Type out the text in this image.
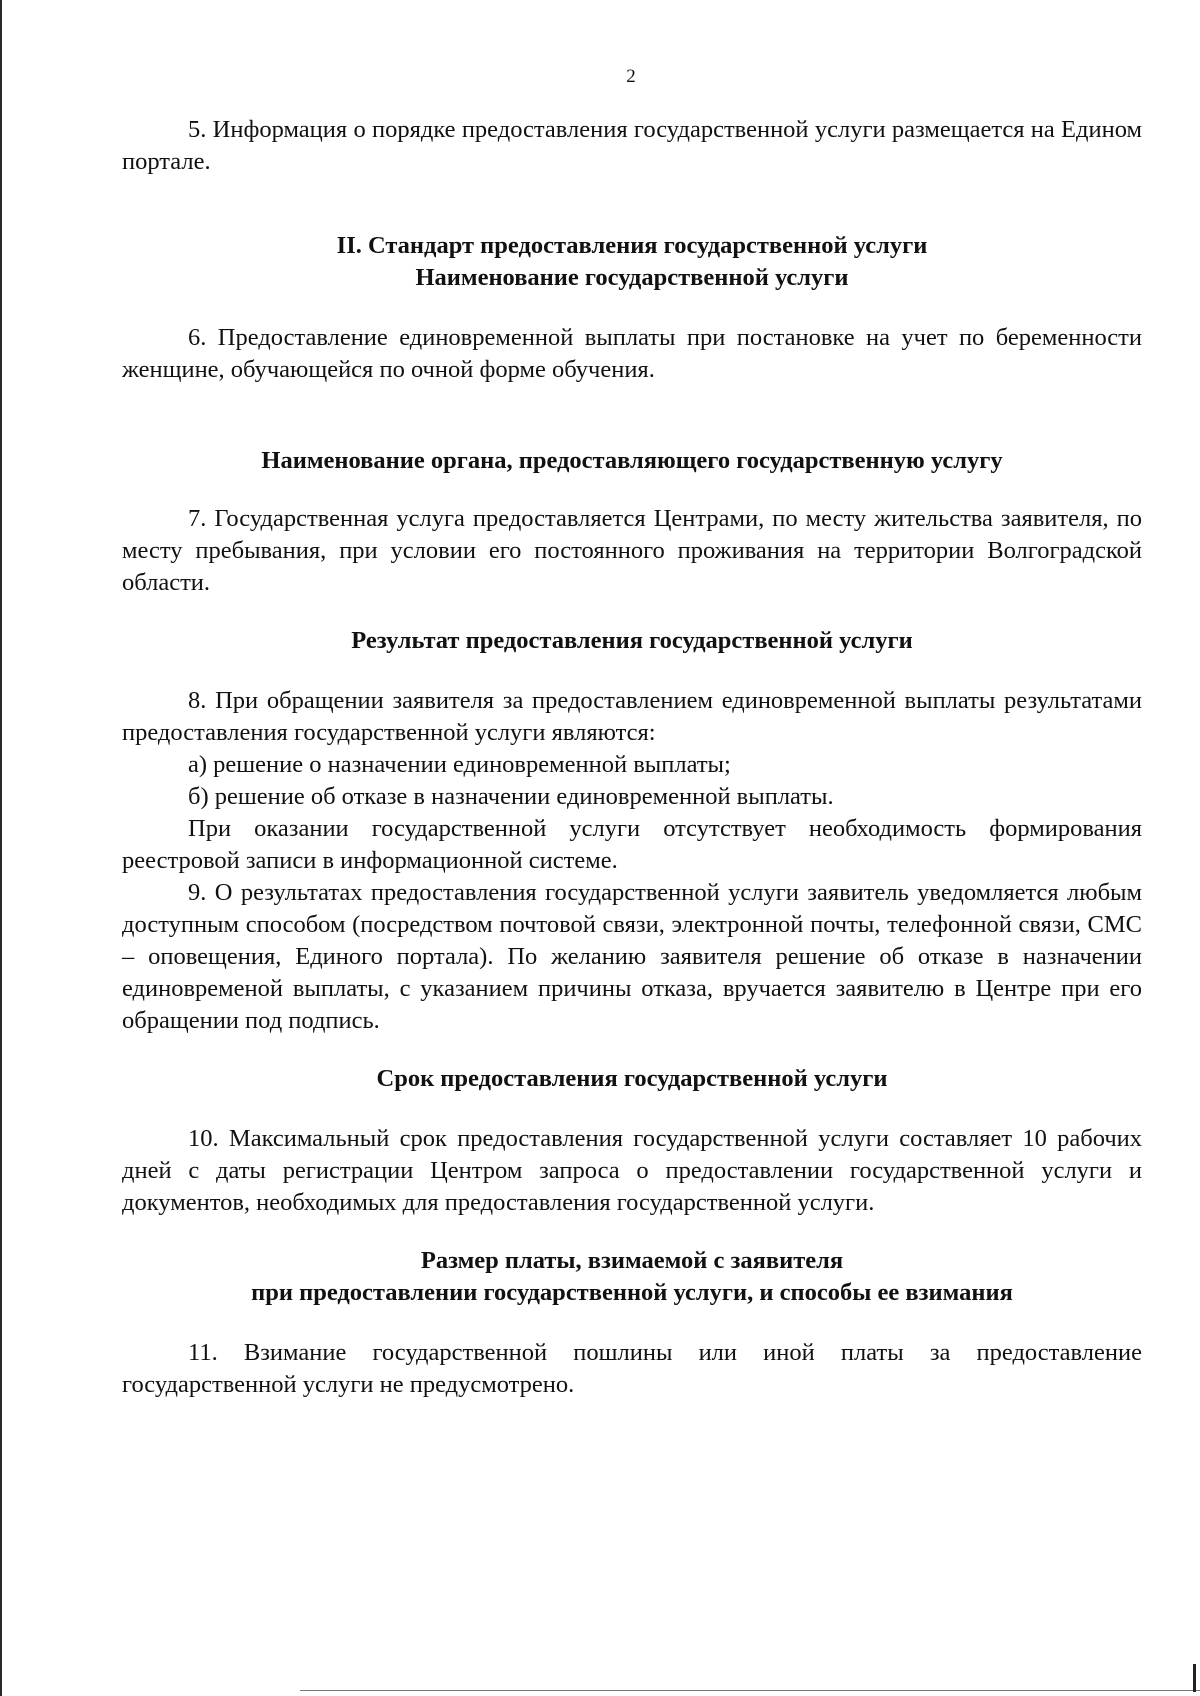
2

5. Информация о порядке предоставления государственной услуги размещается на Едином портале.

II. Стандарт предоставления государственной услуги

Наименование государственной услуги

6. Предоставление единовременной выплаты при постановке на учет по беременности женщине, обучающейся по очной форме обучения.

Наименование органа, предоставляющего государственную услугу

7. Государственная услуга предоставляется Центрами, по месту жительства заявителя, по месту пребывания, при условии его постоянного проживания на территории Волгоградской области.

Результат предоставления государственной услуги

8. При обращении заявителя за предоставлением единовременной выплаты результатами предоставления государственной услуги являются:

а) решение о назначении единовременной выплаты;

б) решение об отказе в назначении единовременной выплаты.

При оказании государственной услуги отсутствует необходимость формирования реестровой записи в информационной системе.

9. О результатах предоставления государственной услуги заявитель уведомляется любым доступным способом (посредством почтовой связи, электронной почты, телефонной связи, СМС – оповещения, Единого портала). По желанию заявителя решение об отказе в назначении единовременой выплаты, с указанием причины отказа, вручается заявителю в Центре при его обращении под подпись.

Срок предоставления государственной услуги

10. Максимальный срок предоставления государственной услуги составляет 10 рабочих дней с даты регистрации Центром запроса о предоставлении государственной услуги и документов, необходимых для предоставления государственной услуги.

Размер платы, взимаемой с заявителя

при предоставлении государственной услуги, и способы ее взимания

11. Взимание государственной пошлины или иной платы за предоставление государственной услуги не предусмотрено.
